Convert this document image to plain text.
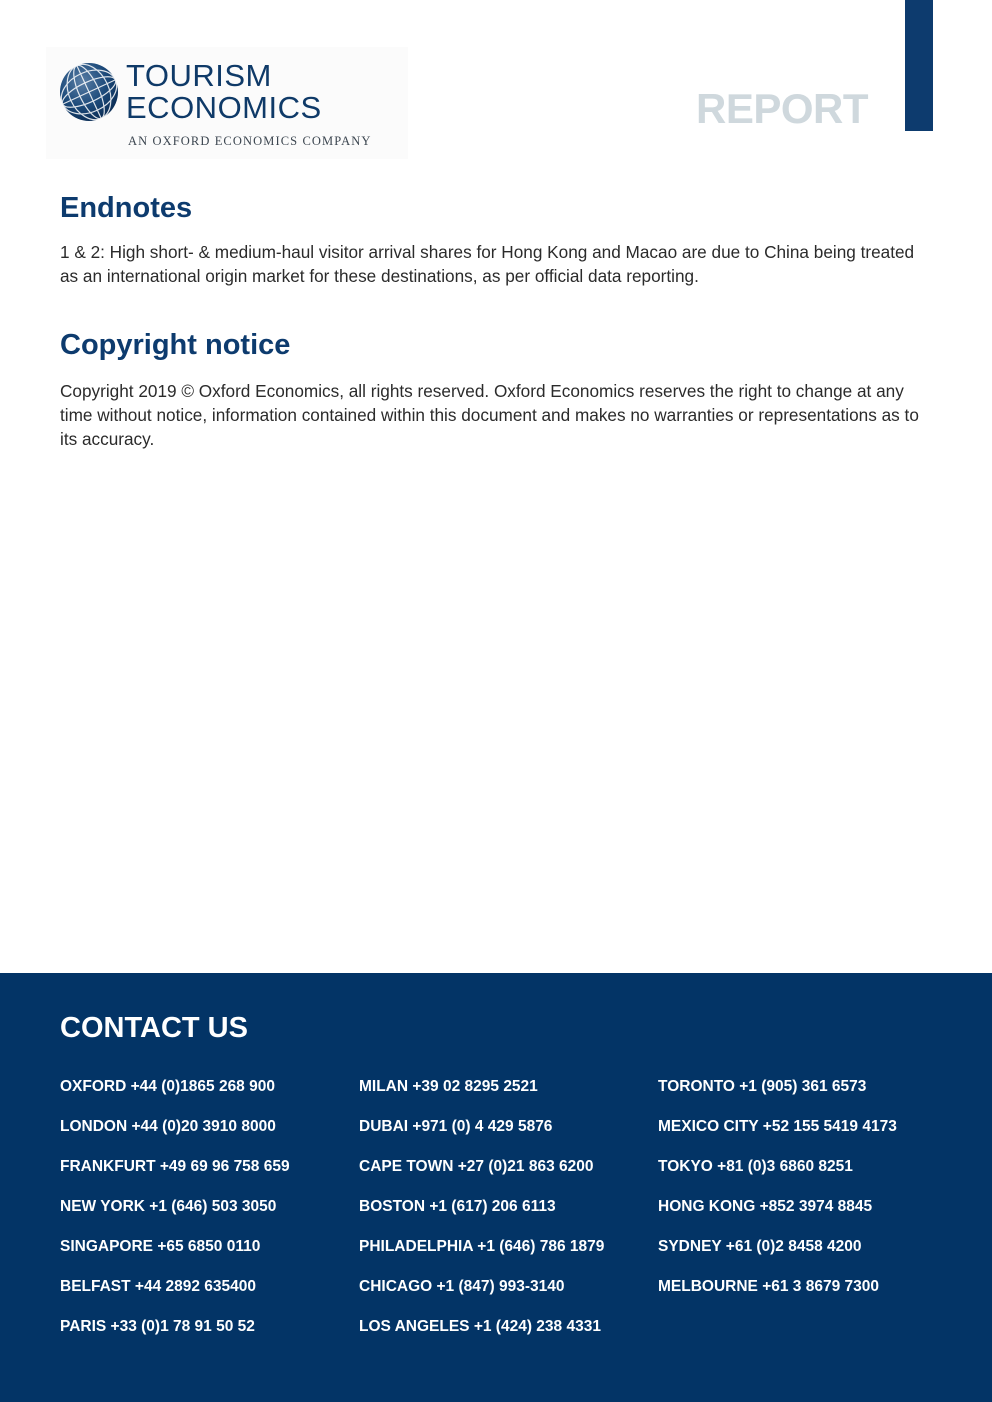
TOURISM
ECONOMICS
AN OXFORD ECONOMICS COMPANY
REPORT
Endnotes

1 & 2: High short- & medium-haul visitor arrival shares for Hong Kong and Macao are due to China being treated as an international origin market for these destinations, as per official data reporting.

Copyright notice

Copyright 2019 © Oxford Economics, all rights reserved. Oxford Economics reserves the right to change at any time without notice, information contained within this document and makes no warranties or representations as to its accuracy.

CONTACT US
OXFORD +44 (0)1865 268 900
LONDON +44 (0)20 3910 8000
FRANKFURT +49 69 96 758 659
NEW YORK +1 (646) 503 3050
SINGAPORE +65 6850 0110
BELFAST +44 2892 635400
PARIS +33 (0)1 78 91 50 52
MILAN +39 02 8295 2521
DUBAI +971 (0) 4 429 5876
CAPE TOWN +27 (0)21 863 6200
BOSTON +1 (617) 206 6113
PHILADELPHIA +1 (646) 786 1879
CHICAGO +1 (847) 993-3140
LOS ANGELES +1 (424) 238 4331
TORONTO +1 (905) 361 6573
MEXICO CITY +52 155 5419 4173
TOKYO +81 (0)3 6860 8251
HONG KONG +852 3974 8845
SYDNEY +61 (0)2 8458 4200
MELBOURNE +61 3 8679 7300
